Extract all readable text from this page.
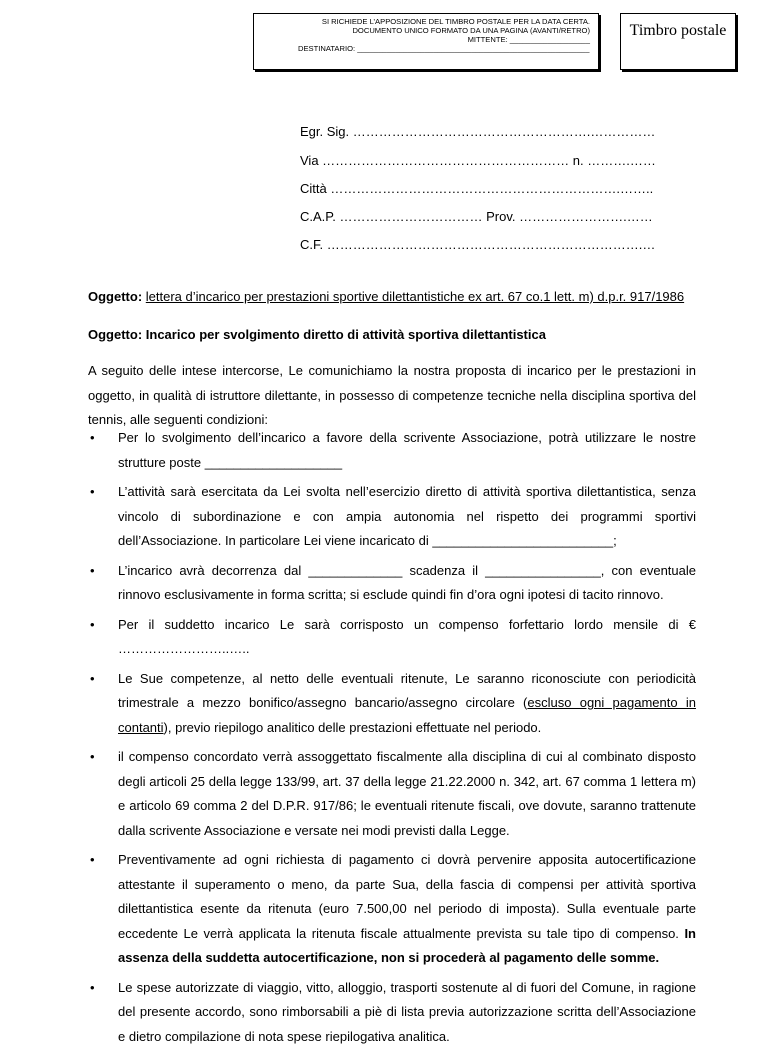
SI RICHIEDE L’APPOSIZIONE DEL TIMBRO POSTALE PER LA DATA CERTA.
DOCUMENTO UNICO FORMATO DA UNA PAGINA (AVANTI/RETRO)
MITTENTE: ___________________
DESTINATARIO: _______________________________________________________
Timbro postale
Egr. Sig. ……………………………………………….……………
Via ………………………………………………… n. ……….……
Città ………………………………………………………….……..
C.A.P. …………………………… Prov. …………………….……
C.F. ……………………………………………………………….…
Oggetto: lettera d’incarico per prestazioni sportive dilettantistiche ex art. 67 co.1 lett. m) d.p.r. 917/1986
Oggetto: Incarico per svolgimento diretto di attività sportiva dilettantistica
A seguito delle intese intercorse, Le comunichiamo la nostra proposta di incarico per le prestazioni in oggetto, in qualità di istruttore dilettante, in possesso di competenze tecniche nella disciplina sportiva del tennis, alle seguenti condizioni:
• Per lo svolgimento dell’incarico a favore della scrivente Associazione, potrà utilizzare le nostre strutture poste ___________________
• L’attività sarà esercitata da Lei svolta nell’esercizio diretto di attività sportiva dilettantistica, senza vincolo di subordinazione e con ampia autonomia nel rispetto dei programmi sportivi dell’Associazione. In particolare Lei viene incaricato di _________________________;
• L’incarico avrà decorrenza dal _____________ scadenza il ________________, con eventuale rinnovo esclusivamente in forma scritta; si esclude quindi fin d’ora ogni ipotesi di tacito rinnovo.
• Per il suddetto incarico Le sarà corrisposto un compenso forfettario lordo mensile di € ……………………..…..
• Le Sue competenze, al netto delle eventuali ritenute, Le saranno riconosciute con periodicità trimestrale a mezzo bonifico/assegno bancario/assegno circolare (escluso ogni pagamento in contanti), previo riepilogo analitico delle prestazioni effettuate nel periodo.
• il compenso concordato verrà assoggettato fiscalmente alla disciplina di cui al combinato disposto degli articoli 25 della legge 133/99, art. 37 della legge 21.22.2000 n. 342, art. 67 comma 1 lettera m) e articolo 69 comma 2 del D.P.R. 917/86; le eventuali ritenute fiscali, ove dovute, saranno trattenute dalla scrivente Associazione e versate nei modi previsti dalla Legge.
• Preventivamente ad ogni richiesta di pagamento ci dovrà pervenire apposita autocertificazione attestante il superamento o meno, da parte Sua, della fascia di compensi per attività sportiva dilettantistica esente da ritenuta (euro 7.500,00 nel periodo di imposta). Sulla eventuale parte eccedente Le verrà applicata la ritenuta fiscale attualmente prevista su tale tipo di compenso. In assenza della suddetta autocertificazione, non si procederà al pagamento delle somme.
• Le spese autorizzate di viaggio, vitto, alloggio, trasporti sostenute al di fuori del Comune, in ragione del presente accordo, sono rimborsabili a piè di lista previa autorizzazione scritta dell’Associazione e dietro compilazione di nota spese riepilogativa analitica.
